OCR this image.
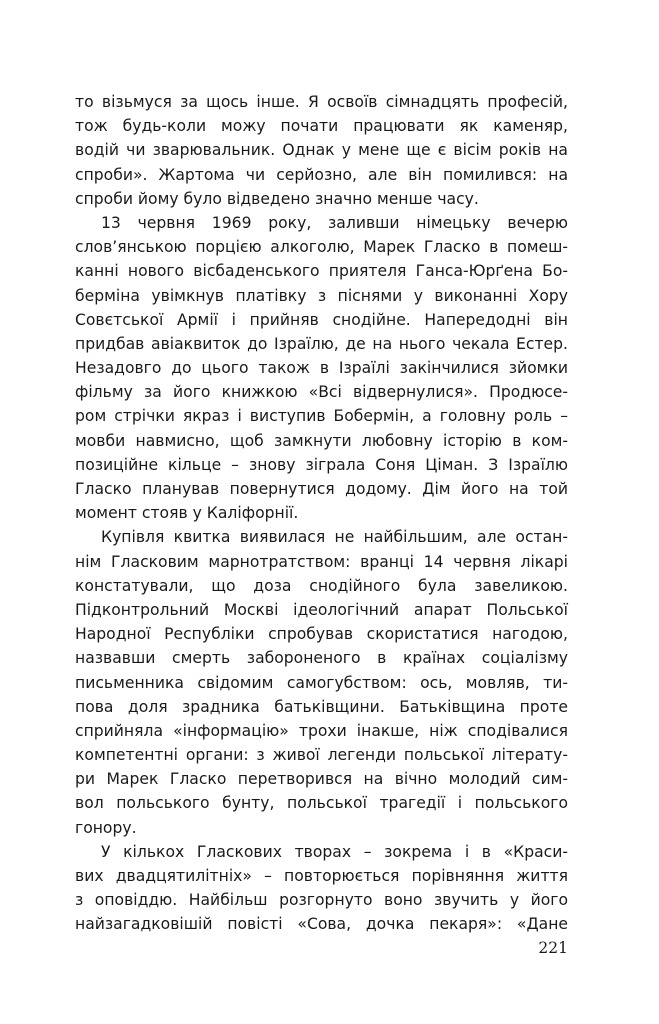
то візьмуся за щось інше. Я освоїв сімнадцять професій,
тож будь-коли можу почати працювати як каменяр,
водій чи зварювальник. Однак у мене ще є вісім років на
спроби». Жартома чи серйозно, але він помилився: на
спроби йому було відведено значно менше часу.

13 червня 1969 року, заливши німецьку вечерю
слов’янською порцією алкоголю, Марек Гласко в помеш-
канні нового вісбаденського приятеля Ганса-Юрґена Бо-
берміна увімкнув платівку з піснями у виконанні Хору
Совєтської Армії і прийняв снодійне. Напередодні він
придбав авіаквиток до Ізраїлю, де на нього чекала Естер.
Незадовго до цього також в Ізраїлі закінчилися зйомки
фільму за його книжкою «Всі відвернулися». Продюсе-
ром стрічки якраз і виступив Бобермін, а головну роль –
мовби навмисно, щоб замкнути любовну історію в ком-
позиційне кільце – знову зіграла Соня Ціман. З Ізраїлю
Гласко планував повернутися додому. Дім його на той
момент стояв у Каліфорнії.

Купівля квитка виявилася не найбільшим, але остан-
нім Гласковим марнотратством: вранці 14 червня лікарі
констатували, що доза снодійного була завеликою.
Підконтрольний Москві ідеологічний апарат Польської
Народної Республіки спробував скористатися нагодою,
назвавши смерть забороненого в країнах соціалізму
письменника свідомим самогубством: ось, мовляв, ти-
пова доля зрадника батьківщини. Батьківщина проте
сприйняла «інформацію» трохи інакше, ніж сподівалися
компетентні органи: з живої легенди польської літерату-
ри Марек Гласко перетворився на вічно молодий сим-
вол польського бунту, польської трагедії і польського
гонору.

У кількох Гласкових творах – зокрема і в «Краси-
вих двадцятилітніх» – повторюється порівняння життя
з оповіддю. Найбільш розгорнуто воно звучить у його
найзагадковішій повісті «Сова, дочка пекаря»: «Дане

221
